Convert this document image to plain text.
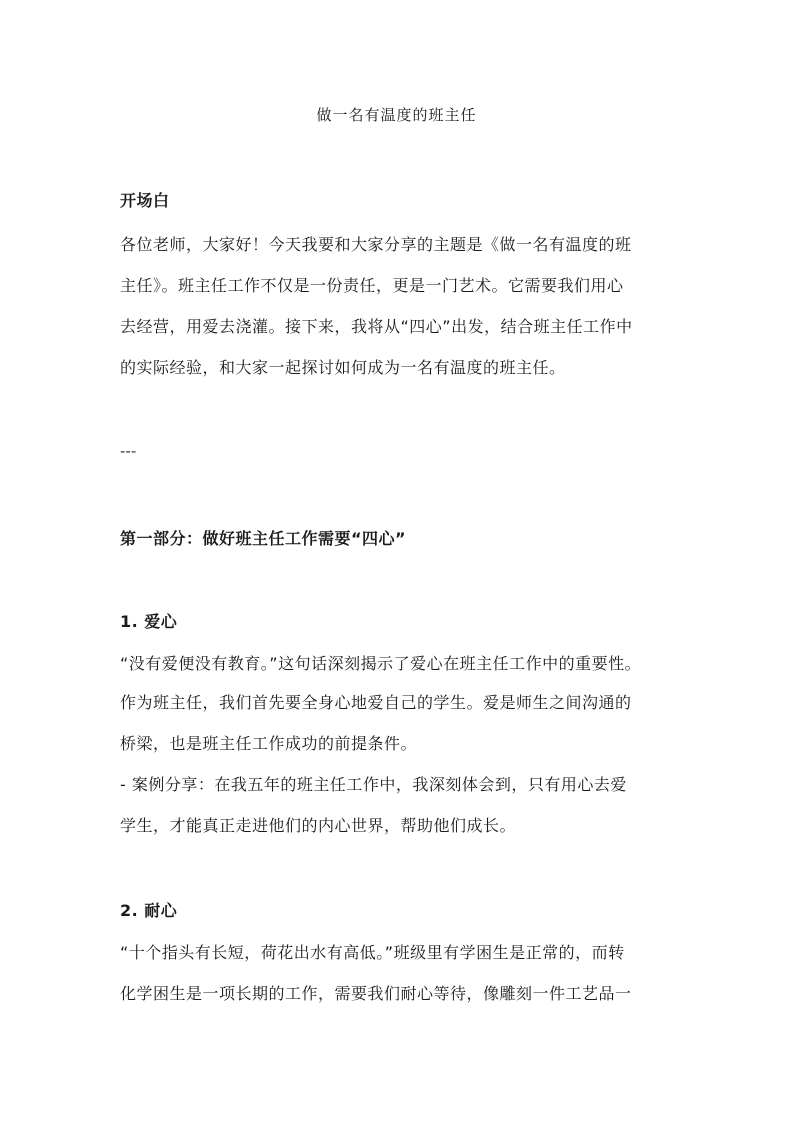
做一名有温度的班主任
开场白
各位老师，大家好！今天我要和大家分享的主题是《做一名有温度的班
主任》。班主任工作不仅是一份责任，更是一门艺术。它需要我们用心
去经营，用爱去浇灌。接下来，我将从“四心”出发，结合班主任工作中
的实际经验，和大家一起探讨如何成为一名有温度的班主任。
---
第一部分：做好班主任工作需要“四心”
1. 爱心
“没有爱便没有教育。”这句话深刻揭示了爱心在班主任工作中的重要性。
作为班主任，我们首先要全身心地爱自己的学生。爱是师生之间沟通的
桥梁，也是班主任工作成功的前提条件。
- 案例分享：在我五年的班主任工作中，我深刻体会到，只有用心去爱
学生，才能真正走进他们的内心世界，帮助他们成长。
2. 耐心
“十个指头有长短，荷花出水有高低。”班级里有学困生是正常的，而转
化学困生是一项长期的工作，需要我们耐心等待，像雕刻一件工艺品一
